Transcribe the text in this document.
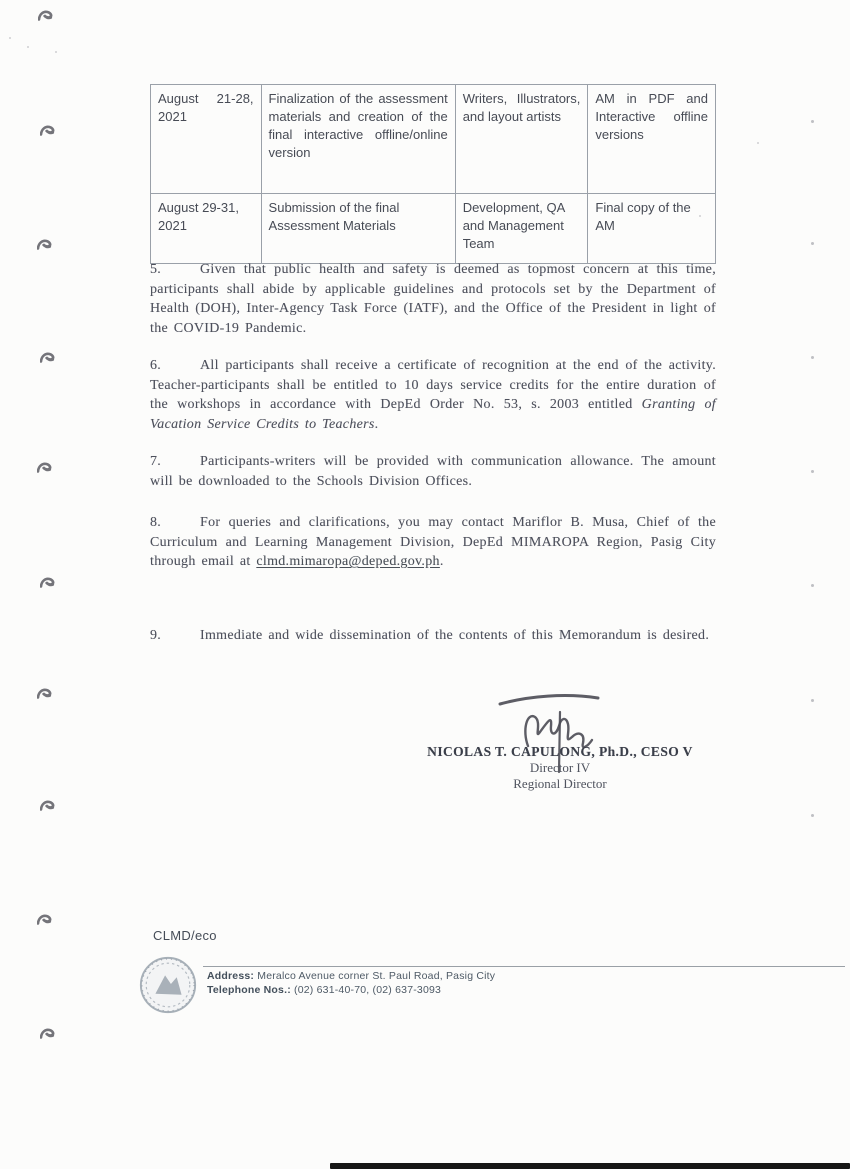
August 21-28, 2021	Finalization of the assessment materials and creation of the final interactive offline/online version	Writers, Illustrators, and layout artists	AM in PDF and Interactive offline versions
August 29-31, 2021	Submission of the final Assessment Materials	Development, QA and Management Team	Final copy of the AM

5.	Given that public health and safety is deemed as topmost concern at this time, participants shall abide by applicable guidelines and protocols set by the Department of Health (DOH), Inter-Agency Task Force (IATF), and the Office of the President in light of the COVID-19 Pandemic.

6.	All participants shall receive a certificate of recognition at the end of the activity. Teacher-participants shall be entitled to 10 days service credits for the entire duration of the workshops in accordance with DepEd Order No. 53, s. 2003 entitled Granting of Vacation Service Credits to Teachers.

7.	Participants-writers will be provided with communication allowance. The amount will be downloaded to the Schools Division Offices.

8.	For queries and clarifications, you may contact Mariflor B. Musa, Chief of the Curriculum and Learning Management Division, DepEd MIMAROPA Region, Pasig City through email at clmd.mimaropa@deped.gov.ph.

9.	Immediate and wide dissemination of the contents of this Memorandum is desired.

NICOLAS T. CAPULONG, Ph.D., CESO V
Director IV
Regional Director
CLMD/eco
Address: Meralco Avenue corner St. Paul Road, Pasig City
Telephone Nos.: (02) 631-40-70, (02) 637-3093
